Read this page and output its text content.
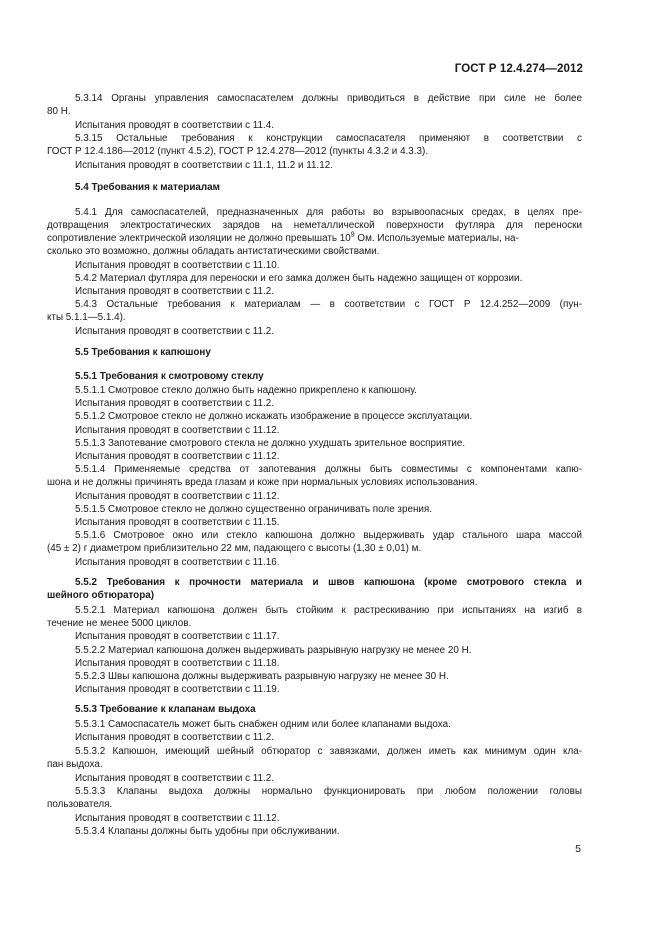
ГОСТ Р 12.4.274—2012
5.3.14 Органы управления самоспасателем должны приводиться в действие при силе не более
80 Н.
Испытания проводят в соответствии с 11.4.
5.3.15 Остальные требования к конструкции самоспасателя применяют в соответствии с
ГОСТ Р 12.4.186—2012 (пункт 4.5.2), ГОСТ Р 12.4.278—2012 (пункты 4.3.2 и 4.3.3).
Испытания проводят в соответствии с 11.1, 11.2 и 11.12.
5.4 Требования к материалам
5.4.1 Для самоспасателей, предназначенных для работы во взрывоопасных средах, в целях пре-
дотвращения электростатических зарядов на неметаллической поверхности футляра для переноски
сопротивление электрической изоляции не должно превышать $10^9$ Ом. Используемые материалы, на-
сколько это возможно, должны обладать антистатическими свойствами.
Испытания проводят в соответствии с 11.10.
5.4.2 Материал футляра для переноски и его замка должен быть надежно защищен от коррозии.
Испытания проводят в соответствии с 11.2.
5.4.3 Остальные требования к материалам — в соответствии с ГОСТ Р 12.4.252—2009 (пун-
кты 5.1.1—5.1.4).
Испытания проводят в соответствии с 11.2.
5.5 Требования к капюшону
5.5.1 Требования к смотровому стеклу
5.5.1.1 Смотровое стекло должно быть надежно прикреплено к капюшону.
Испытания проводят в соответствии с 11.2.
5.5.1.2 Смотровое стекло не должно искажать изображение в процессе эксплуатации.
Испытания проводят в соответствии с 11.12.
5.5.1.3 Запотевание смотрового стекла не должно ухудшать зрительное восприятие.
Испытания проводят в соответствии с 11.12.
5.5.1.4 Применяемые средства от запотевания должны быть совместимы с компонентами капю-
шона и не должны причинять вреда глазам и коже при нормальных условиях использования.
Испытания проводят в соответствии с 11.12.
5.5.1.5 Смотровое стекло не должно существенно ограничивать поле зрения.
Испытания проводят в соответствии с 11.15.
5.5.1.6 Смотровое окно или стекло капюшона должно выдерживать удар стального шара массой
(45 ± 2) г диаметром приблизительно 22 мм, падающего с высоты (1,30 ± 0,01) м.
Испытания проводят в соответствии с 11.16.
5.5.2 Требования к прочности материала и швов капюшона (кроме смотрового стекла и
шейного обтюратора)
5.5.2.1 Материал капюшона должен быть стойким к растрескиванию при испытаниях на изгиб в
течение не менее 5000 циклов.
Испытания проводят в соответствии с 11.17.
5.5.2.2 Материал капюшона должен выдерживать разрывную нагрузку не менее 20 Н.
Испытания проводят в соответствии с 11.18.
5.5.2.3 Швы капюшона должны выдерживать разрывную нагрузку не менее 30 Н.
Испытания проводят в соответствии с 11.19.
5.5.3 Требование к клапанам выдоха
5.5.3.1 Самоспасатель может быть снабжен одним или более клапанами выдоха.
Испытания проводят в соответствии с 11.2.
5.5.3.2 Капюшон, имеющий шейный обтюратор с завязками, должен иметь как минимум один кла-
пан выдоха.
Испытания проводят в соответствии с 11.2.
5.5.3.3 Клапаны выдоха должны нормально функционировать при любом положении головы
пользователя.
Испытания проводят в соответствии с 11.12.
5.5.3.4 Клапаны должны быть удобны при обслуживании.
5
